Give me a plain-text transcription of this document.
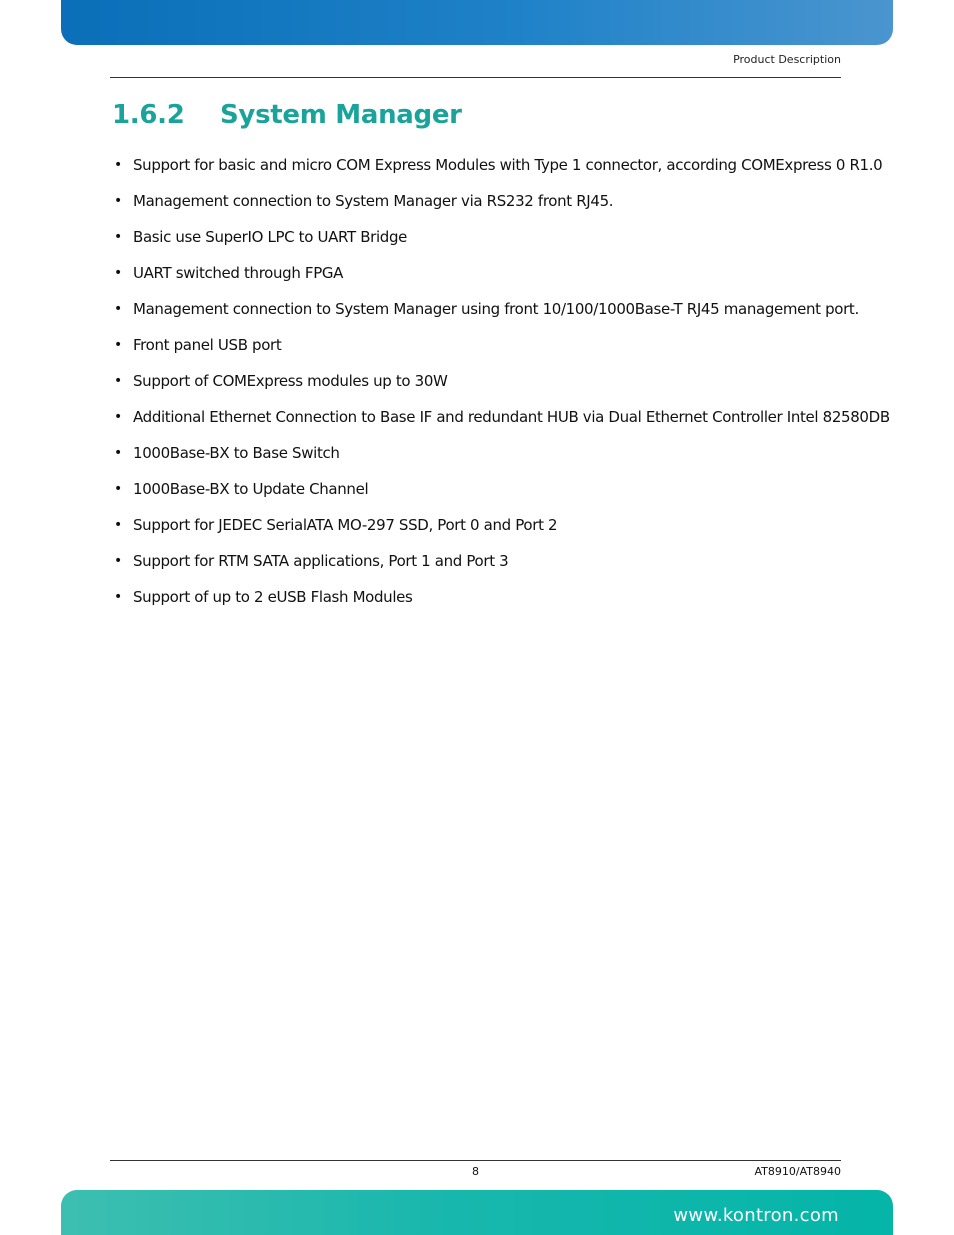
Product Description
1.6.2 System Manager
• Support for basic and micro COM Express Modules with Type 1 connector, according COMExpress 0 R1.0
• Management connection to System Manager via RS232 front RJ45.
• Basic use SuperIO LPC to UART Bridge
• UART switched through FPGA
• Management connection to System Manager using front 10/100/1000Base-T RJ45 management port.
• Front panel USB port
• Support of COMExpress modules up to 30W
• Additional Ethernet Connection to Base IF and redundant HUB via Dual Ethernet Controller Intel 82580DB
• 1000Base-BX to Base Switch
• 1000Base-BX to Update Channel
• Support for JEDEC SerialATA MO-297 SSD, Port 0 and Port 2
• Support for RTM SATA applications, Port 1 and Port 3
• Support of up to 2 eUSB Flash Modules
8	AT8910/AT8940
www.kontron.com
